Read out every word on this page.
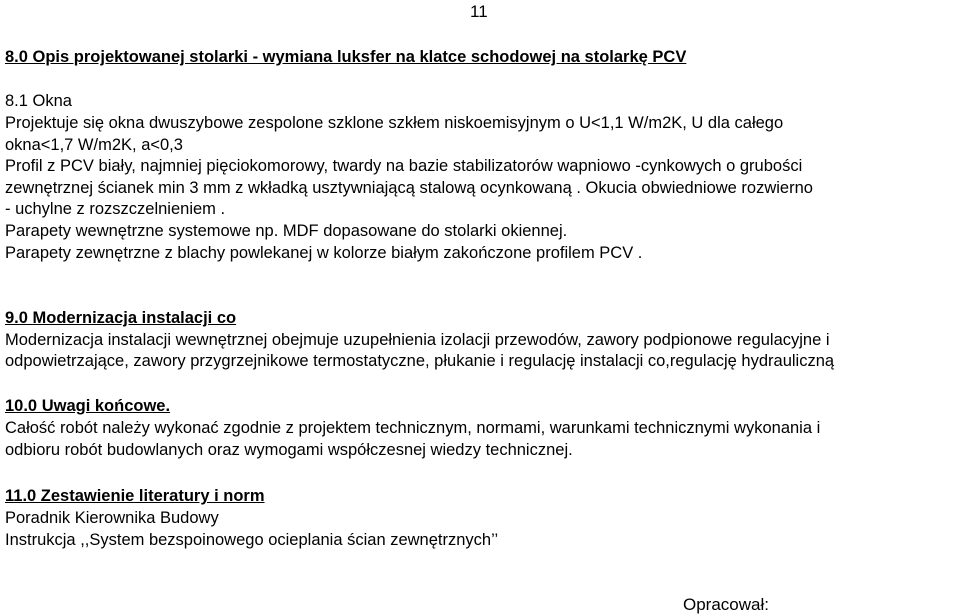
11
8.0 Opis projektowanej stolarki - wymiana luksfer na klatce schodowej na stolarkę PCV
8.1 Okna
Projektuje się okna dwuszybowe zespolone szklone szkłem niskoemisyjnym o U<1,1 W/m2K, U dla całego
okna<1,7 W/m2K, a<0,3
Profil z PCV biały, najmniej pięciokomorowy, twardy na bazie stabilizatorów wapniowo -cynkowych o grubości
zewnętrznej ścianek min 3 mm z wkładką usztywniającą stalową ocynkowaną . Okucia obwiedniowe rozwierno
- uchylne z rozszczelnieniem .
Parapety wewnętrzne systemowe np. MDF dopasowane do stolarki okiennej.
Parapety zewnętrzne z blachy powlekanej w kolorze białym zakończone profilem PCV .
9.0 Modernizacja instalacji co
Modernizacja instalacji wewnętrznej obejmuje uzupełnienia izolacji przewodów, zawory podpionowe regulacyjne i
odpowietrzające, zawory przygrzejnikowe termostatyczne, płukanie i regulację instalacji co,regulację hydrauliczną
10.0 Uwagi końcowe.
Całość robót należy wykonać zgodnie z projektem technicznym, normami, warunkami technicznymi wykonania i
odbioru robót budowlanych oraz wymogami współczesnej wiedzy technicznej.
11.0 Zestawienie literatury i norm
Poradnik Kierownika Budowy
Instrukcja ,,System bezspoinowego ocieplania ścian zewnętrznych’’
Opracował:
